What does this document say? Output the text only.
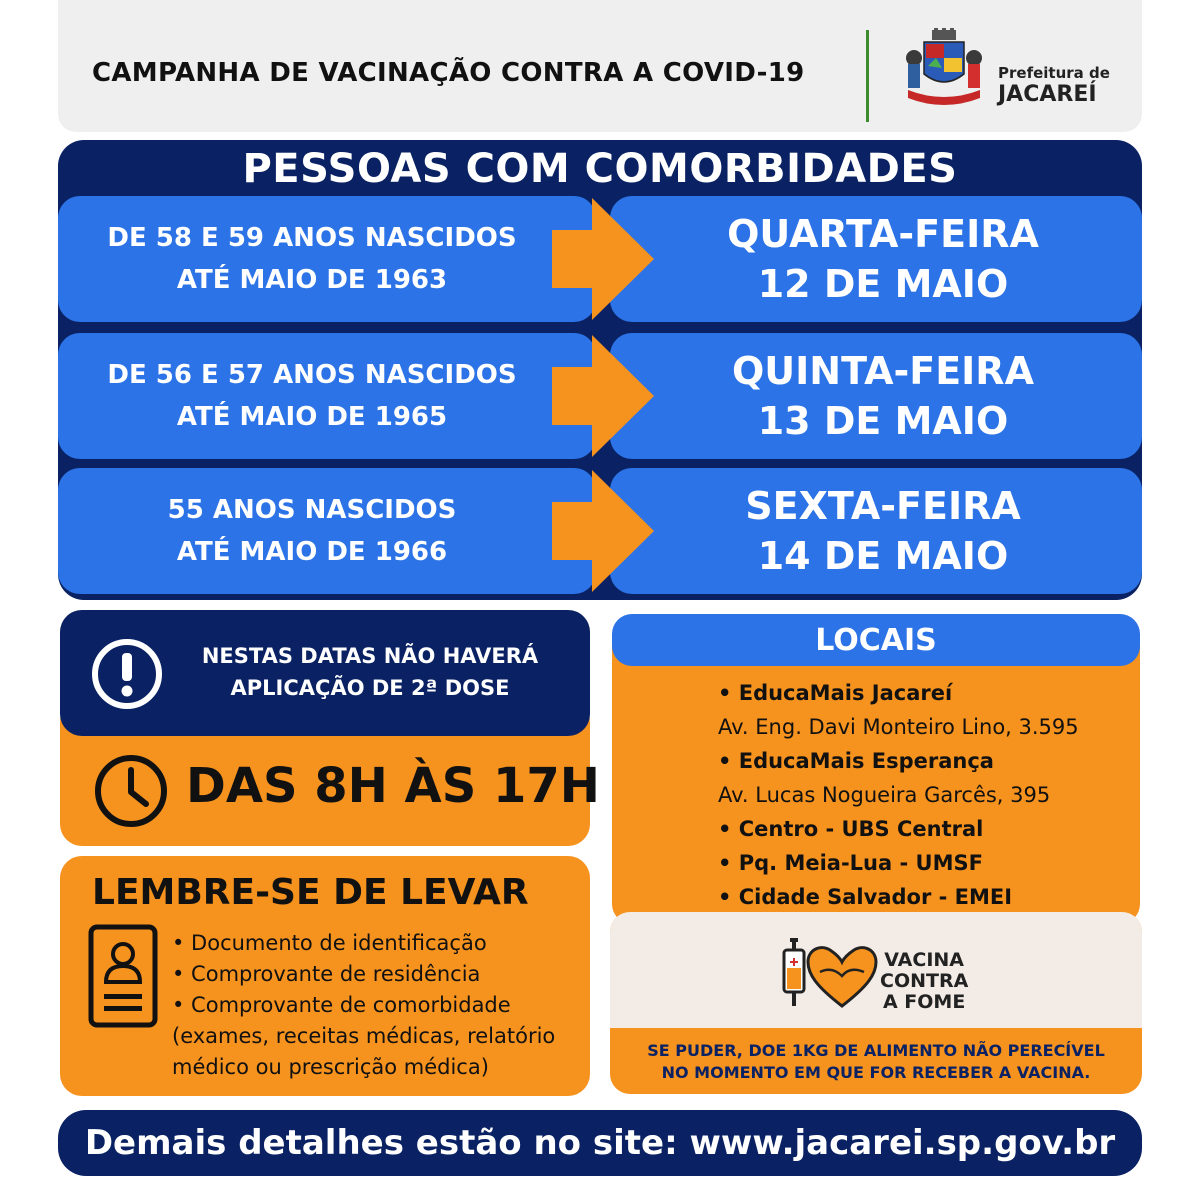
CAMPANHA DE VACINAÇÃO CONTRA A COVID-19	Prefeitura de
JACAREÍ
PESSOAS COM COMORBIDADES
DE 58 E 59 ANOS NASCIDOS
ATÉ MAIO DE 1963
QUARTA-FEIRA
12 DE MAIO
DE 56 E 57 ANOS NASCIDOS
ATÉ MAIO DE 1965
QUINTA-FEIRA
13 DE MAIO
55 ANOS NASCIDOS
ATÉ MAIO DE 1966
SEXTA-FEIRA
14 DE MAIO
NESTAS DATAS NÃO HAVERÁ
APLICAÇÃO DE 2ª DOSE
DAS 8H ÀS 17H
LEMBRE-SE DE LEVAR
• Documento de identificação
• Comprovante de residência
• Comprovante de comorbidade
(exames, receitas médicas, relatório
médico ou prescrição médica)
LOCAIS
• EducaMais Jacareí
Av. Eng. Davi Monteiro Lino, 3.595
• EducaMais Esperança
Av. Lucas Nogueira Garcês, 395
• Centro - UBS Central
• Pq. Meia-Lua - UMSF
• Cidade Salvador - EMEI
VACINA
CONTRA
A FOME
SE PUDER, DOE 1KG DE ALIMENTO NÃO PERECÍVEL
NO MOMENTO EM QUE FOR RECEBER A VACINA.
Demais detalhes estão no site: www.jacarei.sp.gov.br
